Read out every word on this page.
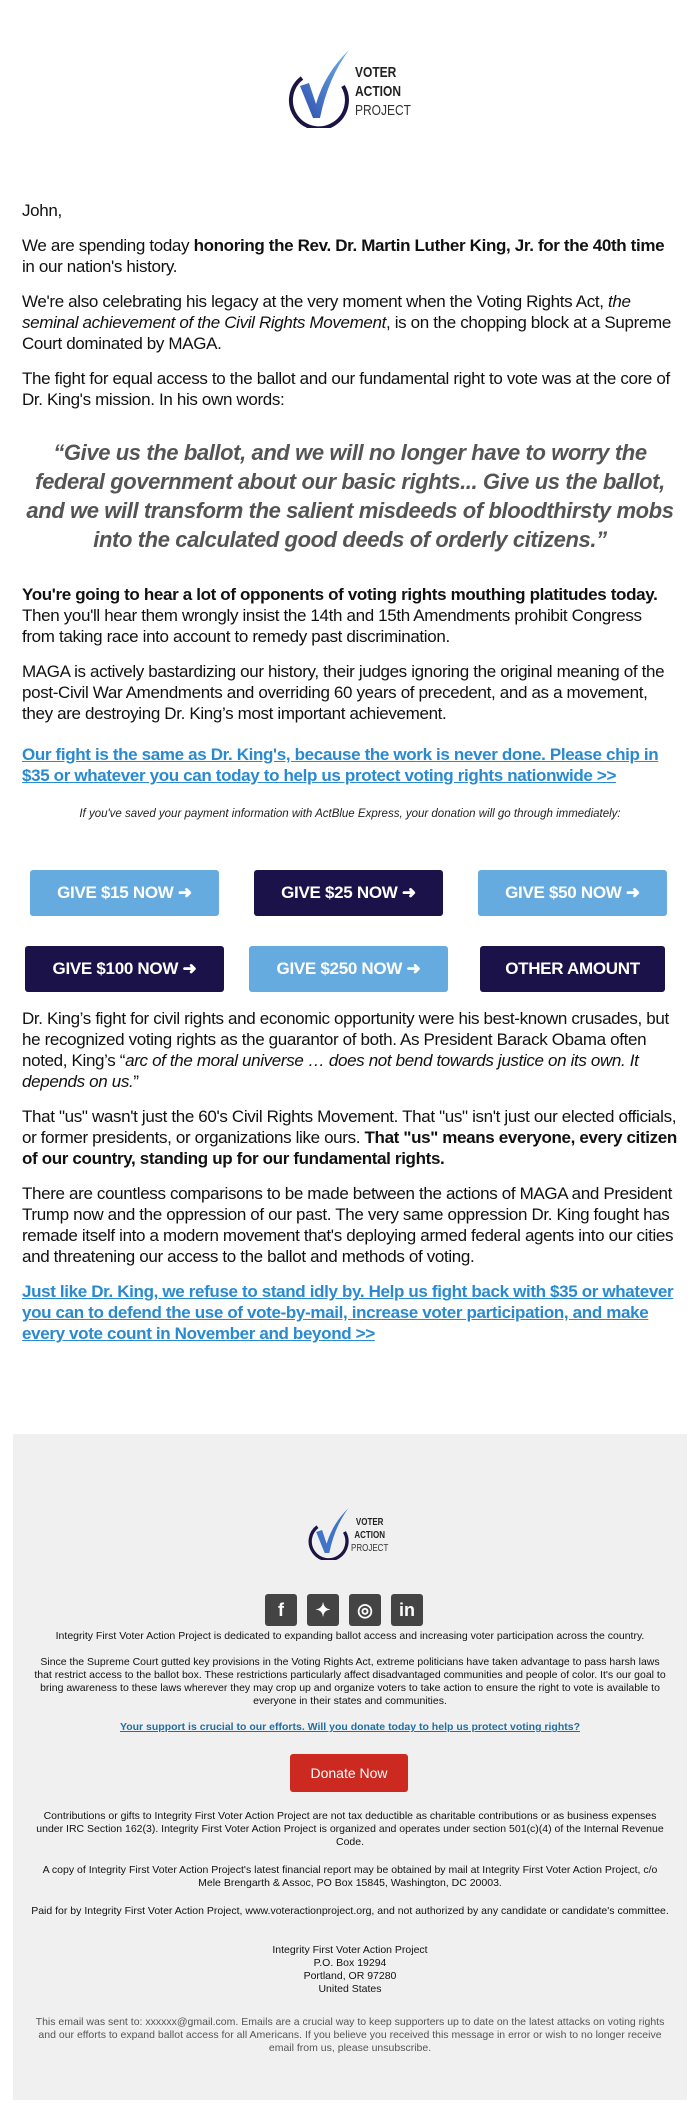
VOTER
ACTION
PROJECT

John,

We are spending today honoring the Rev. Dr. Martin Luther King, Jr. for the 40th time in our nation's history.

We're also celebrating his legacy at the very moment when the Voting Rights Act, the seminal achievement of the Civil Rights Movement, is on the chopping block at a Supreme Court dominated by MAGA.

The fight for equal access to the ballot and our fundamental right to vote was at the core of Dr. King's mission. In his own words:

“Give us the ballot, and we will no longer have to worry the federal government about our basic rights... Give us the ballot, and we will transform the salient misdeeds of bloodthirsty mobs into the calculated good deeds of orderly citizens.”

You're going to hear a lot of opponents of voting rights mouthing platitudes today. Then you'll hear them wrongly insist the 14th and 15th Amendments prohibit Congress from taking race into account to remedy past discrimination.

MAGA is actively bastardizing our history, their judges ignoring the original meaning of the post-Civil War Amendments and overriding 60 years of precedent, and as a movement, they are destroying Dr. King’s most important achievement.

Our fight is the same as Dr. King's, because the work is never done. Please chip in $35 or whatever you can today to help us protect voting rights nationwide >>

If you've saved your payment information with ActBlue Express, your donation will go through immediately:

GIVE $15 NOW ➜	GIVE $25 NOW ➜	GIVE $50 NOW ➜
GIVE $100 NOW ➜	GIVE $250 NOW ➜	OTHER AMOUNT

Dr. King’s fight for civil rights and economic opportunity were his best-known crusades, but he recognized voting rights as the guarantor of both. As President Barack Obama often noted, King’s “arc of the moral universe … does not bend towards justice on its own. It depends on us.”

That "us" wasn't just the 60's Civil Rights Movement. That "us" isn't just our elected officials, or former presidents, or organizations like ours. That "us" means everyone, every citizen of our country, standing up for our fundamental rights.

There are countless comparisons to be made between the actions of MAGA and President Trump now and the oppression of our past. The very same oppression Dr. King fought has remade itself into a modern movement that's deploying armed federal agents into our cities and threatening our access to the ballot and methods of voting.

Just like Dr. King, we refuse to stand idly by. Help us fight back with $35 or whatever you can to defend the use of vote-by-mail, increase voter participation, and make every vote count in November and beyond >>

VOTER
ACTION
PROJECT
f	✦	◎	in

Integrity First Voter Action Project is dedicated to expanding ballot access and increasing voter participation across the country.

Since the Supreme Court gutted key provisions in the Voting Rights Act, extreme politicians have taken advantage to pass harsh laws that restrict access to the ballot box. These restrictions particularly affect disadvantaged communities and people of color. It's our goal to bring awareness to these laws wherever they may crop up and organize voters to take action to ensure the right to vote is available to everyone in their states and communities.

Your support is crucial to our efforts. Will you donate today to help us protect voting rights?

Donate Now

Contributions or gifts to Integrity First Voter Action Project are not tax deductible as charitable contributions or as business expenses under IRC Section 162(3). Integrity First Voter Action Project is organized and operates under section 501(c)(4) of the Internal Revenue Code.

A copy of Integrity First Voter Action Project's latest financial report may be obtained by mail at Integrity First Voter Action Project, c/o Mele Brengarth & Assoc, PO Box 15845, Washington, DC 20003.

Paid for by Integrity First Voter Action Project, www.voteractionproject.org, and not authorized by any candidate or candidate's committee.

Integrity First Voter Action Project
P.O. Box 19294
Portland, OR 97280
United States

This email was sent to: xxxxxx@gmail.com. Emails are a crucial way to keep supporters up to date on the latest attacks on voting rights and our efforts to expand ballot access for all Americans. If you believe you received this message in error or wish to no longer receive email from us, please unsubscribe.
